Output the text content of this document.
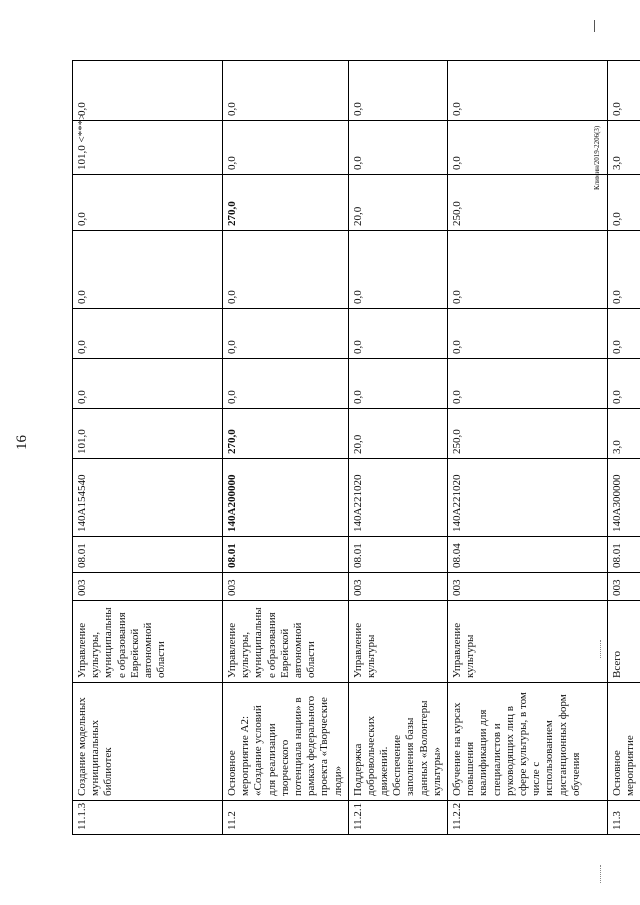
16
Климин/2019-2206(3)
11.1.3	Создание модельных муниципальных библиотек	Управление культуры, муниципальные образования Еврейской автономной области	003	08.01	140A154540	101,0	0,0	0,0	0,0	0,0	101,0 <***>	0,0
11.2	Основное мероприятие A2: «Создание условий для реализации творческого потенциала нации» в рамках федерального проекта «Творческие люди»	Управление культуры, муниципальные образования Еврейской автономной области	003	08.01	140A200000	270,0	0,0	0,0	0,0	270,0	0,0	0,0
11.2.1	Поддержка добровольческих движений. Обеспечение заполнения базы данных «Волонтеры культуры»	Управление культуры	003	08.01	140A221020	20,0	0,0	0,0	0,0	20,0	0,0	0,0
11.2.2	Обучение на курсах повышения квалификации для специалистов и руководящих лиц в сфере культуры, в том числе с использованием дистанционных форм обучения	Управление культуры	003	08.04	140A221020	250,0	0,0	0,0	0,0	250,0	0,0	0,0
11.3	Основное мероприятие	Всего	003	08.01	140A300000	3,0	0,0	0,0	0,0	0,0	3,0	0,0
